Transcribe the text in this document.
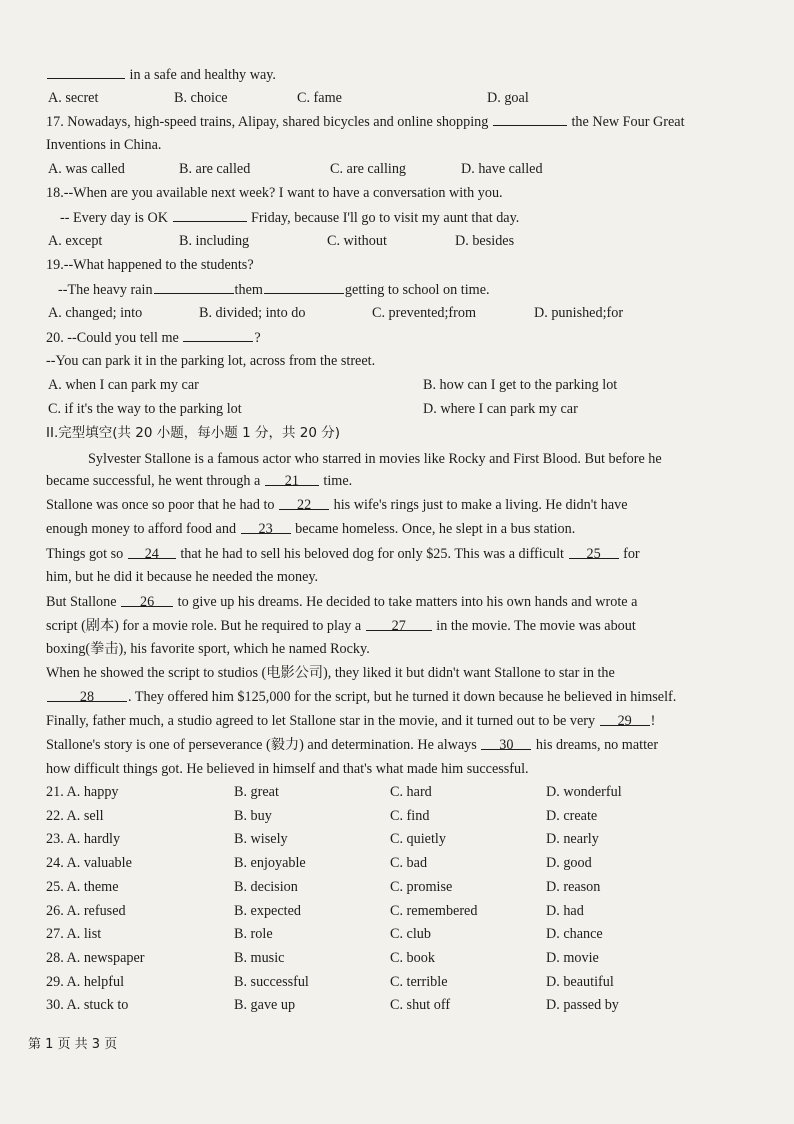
in a safe and healthy way.
A. secret	B. choice	C. fame	D. goal
17. Nowadays, high-speed trains, Alipay, shared bicycles and online shopping	the New Four Great
Inventions in China.
A. was called	B. are called	C. are calling	D. have called
18.--When are you available next week? I want to have a conversation with you.
-- Every day is OK	Friday, because I'll go to visit my aunt that day.
A. except	B. including	C. without	D. besides
19.--What happened to the students?
--The heavy rain	them	getting to school on time.
A. changed; into	B. divided; into do	C. prevented;from	D. punished;for
20. --Could you tell me	?
--You can park it in the parking lot, across from the street.
A. when I can park my car	B. how can I get to the parking lot
C. if it's the way to the parking lot	D. where I can park my car
II.完型填空(共 20 小题，每小题 1 分，共 20 分)
Sylvester Stallone is a famous actor who starred in movies like Rocky and First Blood. But before he
became successful, he went through a 21 time.
Stallone was once so poor that he had to 22 his wife's rings just to make a living. He didn't have
enough money to afford food and 23 became homeless. Once, he slept in a bus station.
Things got so 24 that he had to sell his beloved dog for only $25. This was a difficult 25 for
him, but he did it because he needed the money.
But Stallone 26 to give up his dreams. He decided to take matters into his own hands and wrote a
script (剧本) for a movie role. But he required to play a 27 in the movie. The movie was about
boxing(拳击), his favorite sport, which he named Rocky.
When he showed the script to studios (电影公司), they liked it but didn't want Stallone to star in the
28 . They offered him $125,000 for the script, but he turned it down because he believed in himself.
Finally, father much, a studio agreed to let Stallone star in the movie, and it turned out to be very 29 !
Stallone's story is one of perseverance (毅力) and determination. He always 30 his dreams, no matter
how difficult things got. He believed in himself and that's what made him successful.
21. A. happy	B. great	C. hard	D. wonderful
22. A. sell	B. buy	C. find	D. create
23. A. hardly	B. wisely	C. quietly	D. nearly
24. A. valuable	B. enjoyable	C. bad	D. good
25. A. theme	B. decision	C. promise	D. reason
26. A. refused	B. expected	C. remembered	D. had
27. A. list	B. role	C. club	D. chance
28. A. newspaper	B. music	C. book	D. movie
29. A. helpful	B. successful	C. terrible	D. beautiful
30. A. stuck to	B. gave up	C. shut off	D. passed by
第 1 页 共 3 页
